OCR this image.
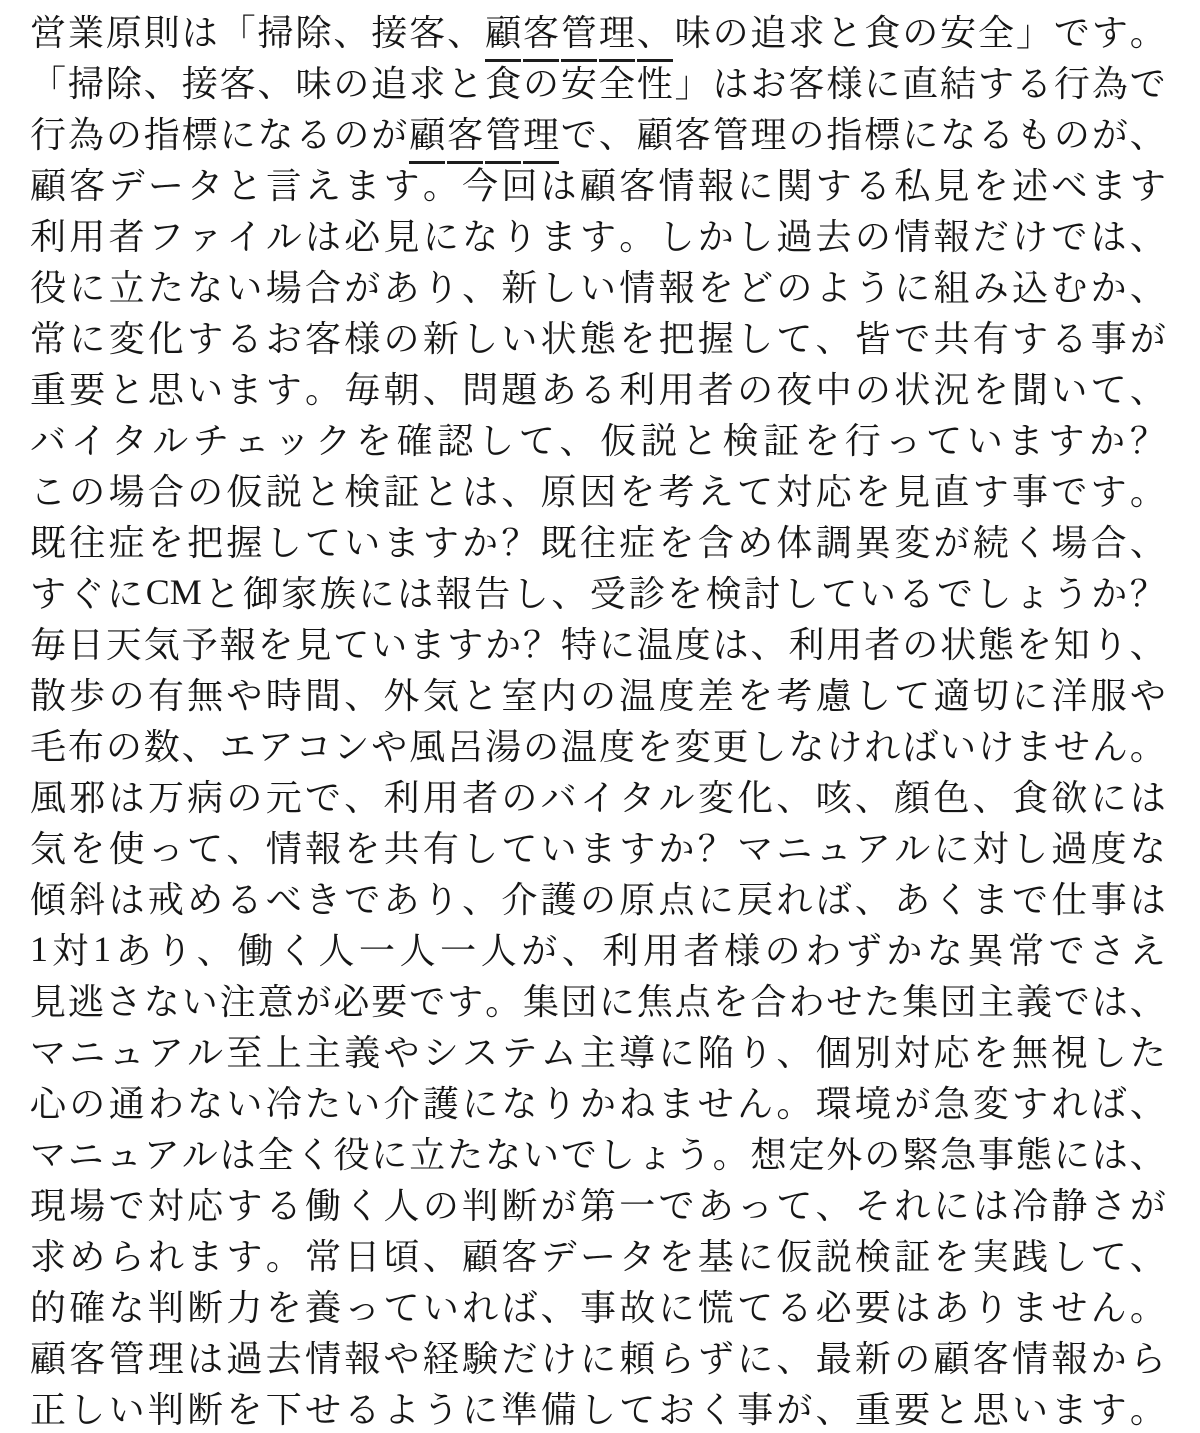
営 業 原 則 は 「 掃 除 、 接 客 、 顧 客 管 理 、 味 の 追 求 と 食 の 安 全 」 で す 。
「 掃 除 、 接 客 、 味 の 追 求 と 食 の 安 全 性 」 は お 客 様 に 直 結 す る 行 為 で
行 為 の 指 標 に な る の が 顧 客 管 理 で 、 顧 客 管 理 の 指 標 に な る も の が 、
顧 客 デ ー タ と 言 え ま す 。 今 回 は 顧 客 情 報 に 関 す る 私 見 を 述 べ ま す
利 用 者 フ ァ イ ル は 必 見 に な り ま す 。 し か し 過 去 の 情 報 だ け で は 、
役 に 立 た な い 場 合 が あ り 、 新 し い 情 報 を ど の よ う に 組 み 込 む か 、
常 に 変 化 す る お 客 様 の 新 し い 状 態 を 把 握 し て 、 皆 で 共 有 す る 事 が
重 要 と 思 い ま す 。 毎 朝 、 問 題 あ る 利 用 者 の 夜 中 の 状 況 を 聞 い て 、
バ イ タ ル チ ェ ッ ク を 確 認 し て 、 仮 説 と 検 証 を 行 っ て い ま す か ？
こ の 場 合 の 仮 説 と 検 証 と は 、 原 因 を 考 え て 対 応 を 見 直 す 事 で す 。
既 往 症 を 把 握 し て い ま す か ？ 既 往 症 を 含 め 体 調 異 変 が 続 く 場 合 、
す ぐ に CM と 御 家 族 に は 報 告 し 、 受 診 を 検 討 し て い る で し ょ う か ？
毎 日 天 気 予 報 を 見 て い ま す か ？ 特 に 温 度 は 、 利 用 者 の 状 態 を 知 り 、
散 歩 の 有 無 や 時 間 、 外 気 と 室 内 の 温 度 差 を 考 慮 し て 適 切 に 洋 服 や
毛 布 の 数 、 エ ア コ ン や 風 呂 湯 の 温 度 を 変 更 し な け れ ば い け ま せ ん 。
風 邪 は 万 病 の 元 で 、 利 用 者 の バ イ タ ル 変 化 、 咳 、 顔 色 、 食 欲 に は
気 を 使 っ て 、 情 報 を 共 有 し て い ま す か ？ マ ニ ュ ア ル に 対 し 過 度 な
傾 斜 は 戒 め る べ き で あ り 、 介 護 の 原 点 に 戻 れ ば 、 あ く ま で 仕 事 は
1 対 1 あ り 、 働 く 人 一 人 一 人 が 、 利 用 者 様 の わ ず か な 異 常 で さ え
見 逃 さ な い 注 意 が 必 要 で す 。 集 団 に 焦 点 を 合 わ せ た 集 団 主 義 で は 、
マ ニ ュ ア ル 至 上 主 義 や シ ス テ ム 主 導 に 陥 り 、 個 別 対 応 を 無 視 し た
心 の 通 わ な い 冷 た い 介 護 に な り か ね ま せ ん 。 環 境 が 急 変 す れ ば 、
マ ニ ュ ア ル は 全 く 役 に 立 た な い で し ょ う 。 想 定 外 の 緊 急 事 態 に は 、
現 場 で 対 応 す る 働 く 人 の 判 断 が 第 一 で あ っ て 、 そ れ に は 冷 静 さ が
求 め ら れ ま す 。 常 日 頃 、 顧 客 デ ー タ を 基 に 仮 説 検 証 を 実 践 し て 、
的 確 な 判 断 力 を 養 っ て い れ ば 、 事 故 に 慌 て る 必 要 は あ り ま せ ん 。
顧 客 管 理 は 過 去 情 報 や 経 験 だ け に 頼 ら ず に 、 最 新 の 顧 客 情 報 か ら
正 し い 判 断 を 下 せ る よ う に 準 備 し て お く 事 が 、 重 要 と 思 い ま す 。
